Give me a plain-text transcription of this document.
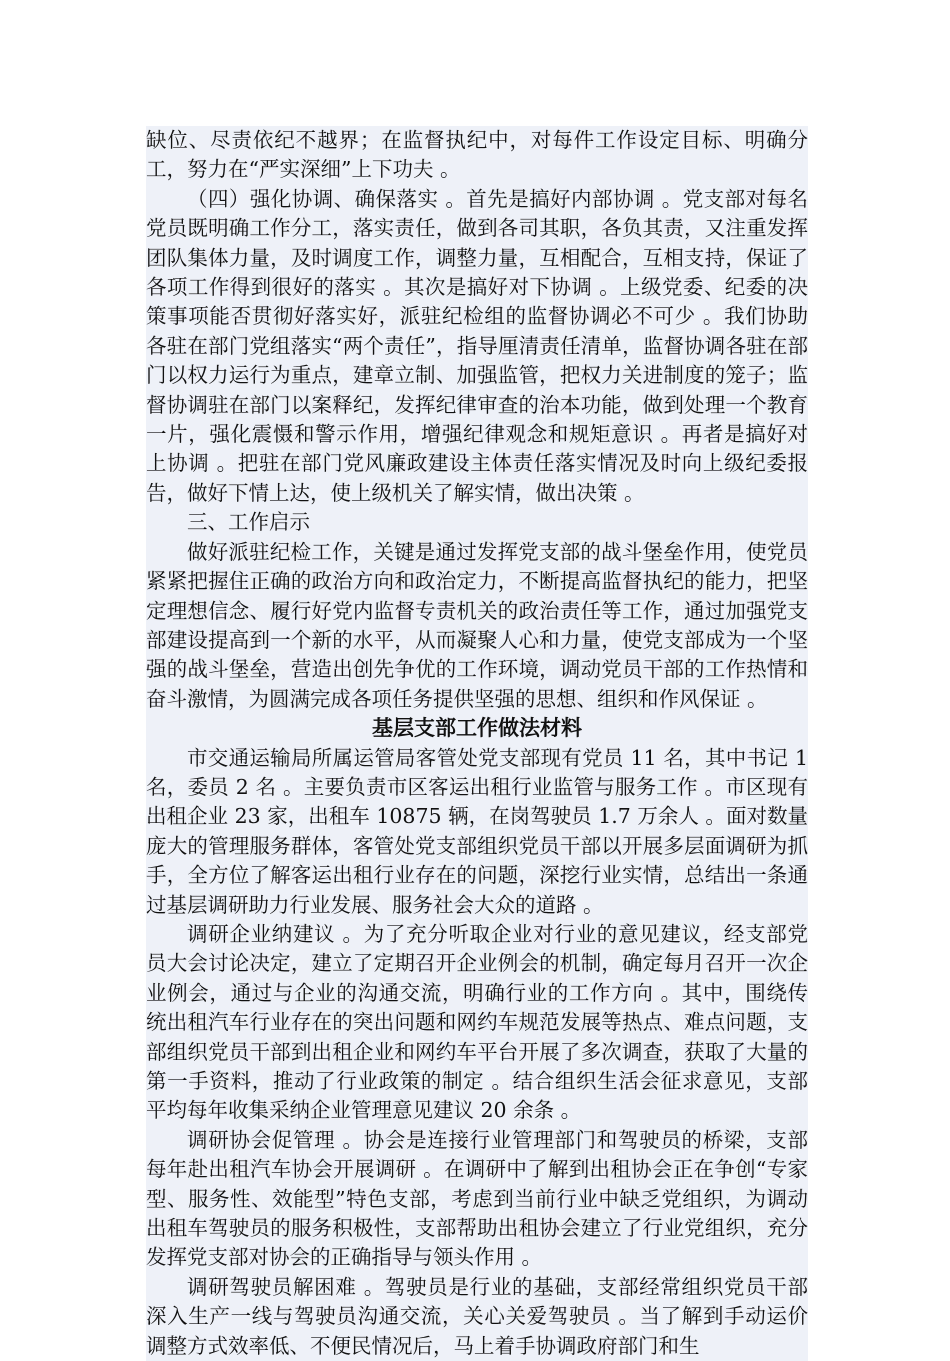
缺位、尽责依纪不越界；在监督执纪中，对每件工作设定目标、明确分工，努力在“严实深细”上下功夫 。

（四）强化协调、确保落实 。首先是搞好内部协调 。党支部对每名党员既明确工作分工，落实责任，做到各司其职，各负其责，又注重发挥团队集体力量，及时调度工作，调整力量，互相配合，互相支持，保证了各项工作得到很好的落实 。其次是搞好对下协调 。上级党委、纪委的决策事项能否贯彻好落实好，派驻纪检组的监督协调必不可少 。我们协助各驻在部门党组落实“两个责任”，指导厘清责任清单，监督协调各驻在部门以权力运行为重点，建章立制、加强监管，把权力关进制度的笼子；监督协调驻在部门以案释纪，发挥纪律审查的治本功能，做到处理一个教育一片，强化震慑和警示作用，增强纪律观念和规矩意识 。再者是搞好对上协调 。把驻在部门党风廉政建设主体责任落实情况及时向上级纪委报告，做好下情上达，使上级机关了解实情，做出决策 。

三、工作启示

做好派驻纪检工作，关键是通过发挥党支部的战斗堡垒作用，使党员紧紧把握住正确的政治方向和政治定力，不断提高监督执纪的能力，把坚定理想信念、履行好党内监督专责机关的政治责任等工作，通过加强党支部建设提高到一个新的水平，从而凝聚人心和力量，使党支部成为一个坚强的战斗堡垒，营造出创先争优的工作环境，调动党员干部的工作热情和奋斗激情，为圆满完成各项任务提供坚强的思想、组织和作风保证 。

基层支部工作做法材料

市交通运输局所属运管局客管处党支部现有党员 11 名，其中书记 1 名，委员 2 名 。主要负责市区客运出租行业监管与服务工作 。市区现有出租企业 23 家，出租车 10875 辆，在岗驾驶员 1.7 万余人 。面对数量庞大的管理服务群体，客管处党支部组织党员干部以开展多层面调研为抓手，全方位了解客运出租行业存在的问题，深挖行业实情，总结出一条通过基层调研助力行业发展、服务社会大众的道路 。

调研企业纳建议 。为了充分听取企业对行业的意见建议，经支部党员大会讨论决定，建立了定期召开企业例会的机制，确定每月召开一次企业例会，通过与企业的沟通交流，明确行业的工作方向 。其中，围绕传统出租汽车行业存在的突出问题和网约车规范发展等热点、难点问题，支部组织党员干部到出租企业和网约车平台开展了多次调查，获取了大量的第一手资料，推动了行业政策的制定 。结合组织生活会征求意见，支部平均每年收集采纳企业管理意见建议 20 余条 。

调研协会促管理 。协会是连接行业管理部门和驾驶员的桥梁，支部每年赴出租汽车协会开展调研 。在调研中了解到出租协会正在争创“专家型、服务性、效能型”特色支部，考虑到当前行业中缺乏党组织，为调动出租车驾驶员的服务积极性，支部帮助出租协会建立了行业党组织，充分发挥党支部对协会的正确指导与领头作用 。

调研驾驶员解困难 。驾驶员是行业的基础，支部经常组织党员干部深入生产一线与驾驶员沟通交流，关心关爱驾驶员 。当了解到手动运价调整方式效率低、不便民情况后，马上着手协调政府部门和生
